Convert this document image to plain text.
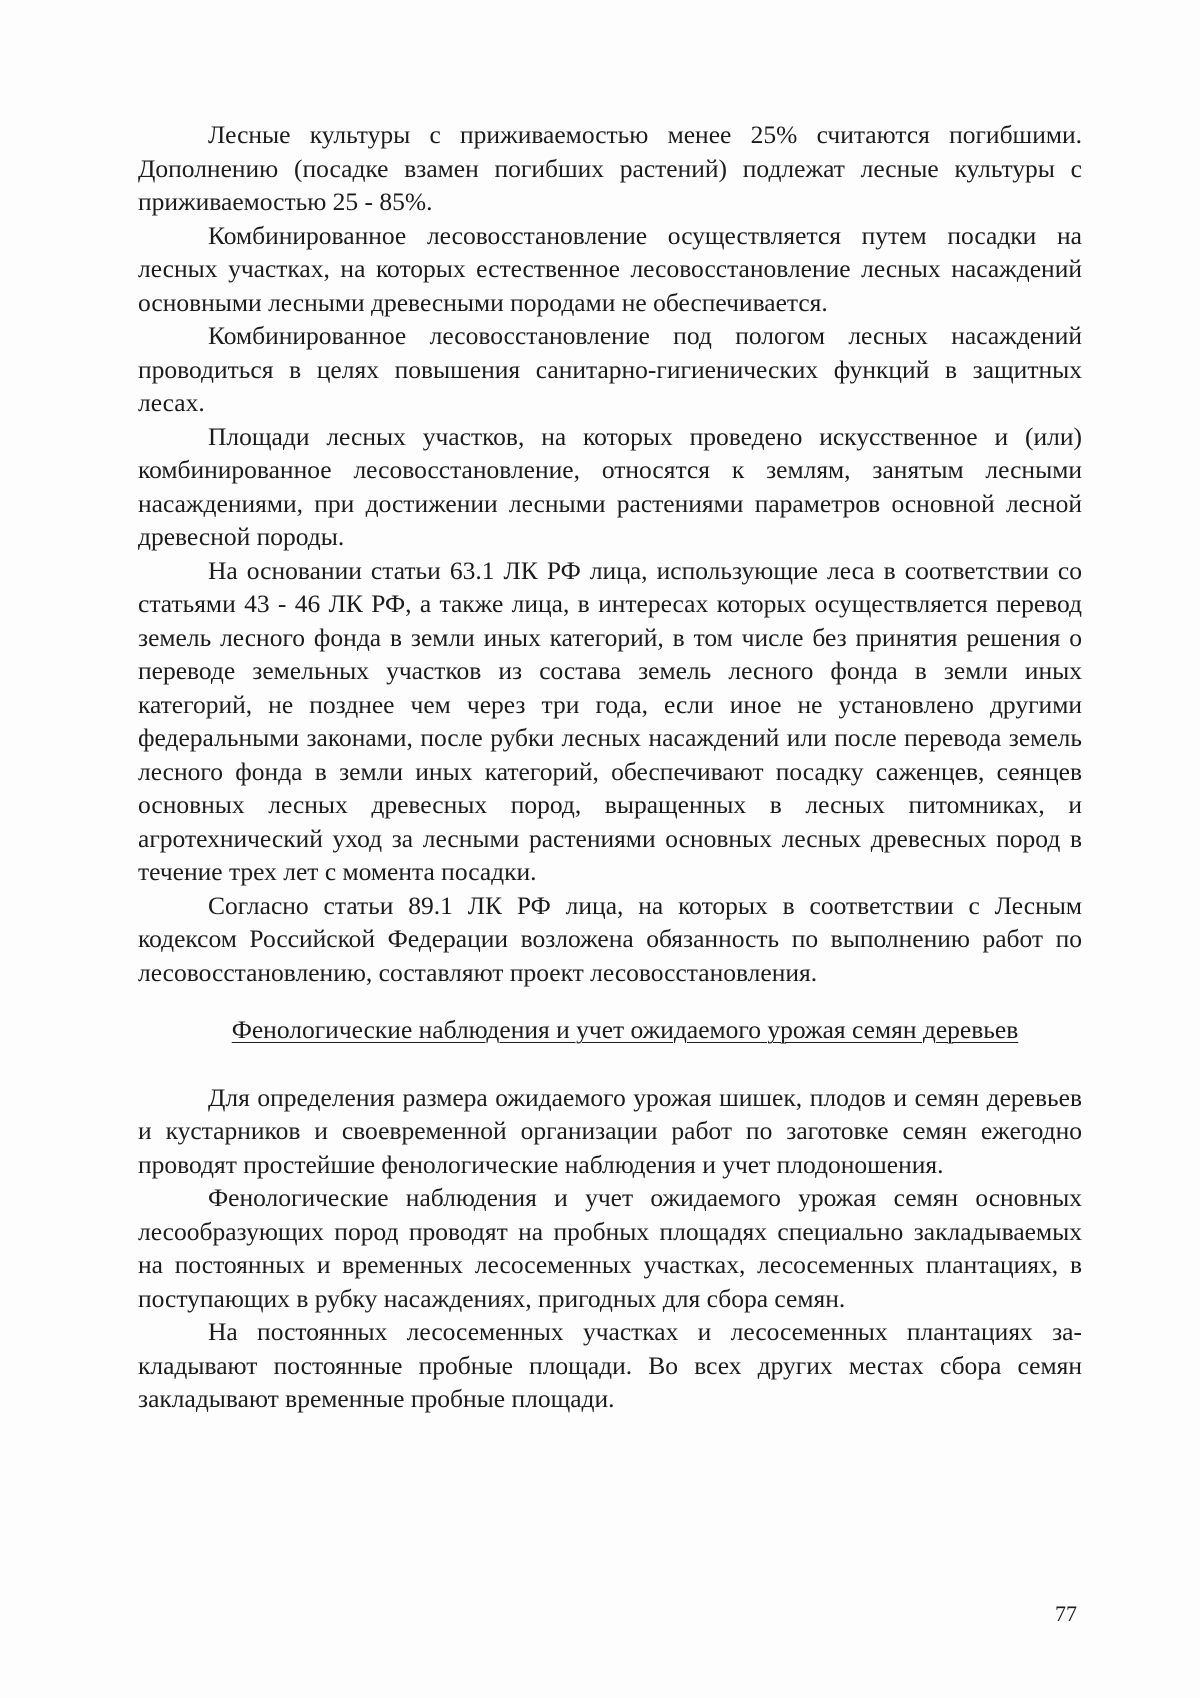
Лесные культуры с приживаемостью менее 25% считаются погибшими. Дополнению (посадке взамен погибших растений) подлежат лесные культуры с приживаемостью 25 - 85%.

Комбинированное лесовосстановление осуществляется путем посадки на лесных участках, на которых естественное лесовосстановление лесных насаждений основными лесными древесными породами не обеспечивается.

Комбинированное лесовосстановление под пологом лесных насаждений проводиться в целях повышения санитарно-гигиенических функций в защитных лесах.

Площади лесных участков, на которых проведено искусственное и (или) комбинированное лесовосстановление, относятся к землям, занятым лесными насаждениями, при достижении лесными растениями параметров основной лесной древесной породы.

На основании статьи 63.1 ЛК РФ лица, использующие леса в соответствии со статьями 43 - 46 ЛК РФ, а также лица, в интересах которых осуществляется перевод земель лесного фонда в земли иных категорий, в том числе без принятия решения о переводе земельных участков из состава земель лесного фонда в земли иных категорий, не позднее чем через три года, если иное не установлено другими федеральными законами, после рубки лесных насаждений или после перевода земель лесного фонда в земли иных категорий, обеспечивают посадку саженцев, сеянцев основных лесных древесных пород, выращенных в лесных питомниках, и агротехнический уход за лесными растениями основных лесных древесных пород в течение трех лет с момента посадки.

Согласно статьи 89.1 ЛК РФ лица, на которых в соответствии с Лесным кодексом Российской Федерации возложена обязанность по выполнению работ по лесовосстановлению, составляют проект лесовосстановления.

Фенологические наблюдения и учет ожидаемого урожая семян деревьев

Для определения размера ожидаемого урожая шишек, плодов и семян деревьев и кустарников и своевременной организации работ по заготовке семян ежегодно проводят простейшие фенологические наблюдения и учет плодоношения.

Фенологические наблюдения и учет ожидаемого урожая семян основных лесообразующих пород проводят на пробных площадях специально закладываемых на постоянных и временных лесосеменных участках, лесосеменных плантациях, в поступающих в рубку насаждениях, пригодных для сбора семян.

На постоянных лесосеменных участках и лесосеменных плантациях закладывают постоянные пробные площади. Во всех других местах сбора семян закладывают временные пробные площади.

77
